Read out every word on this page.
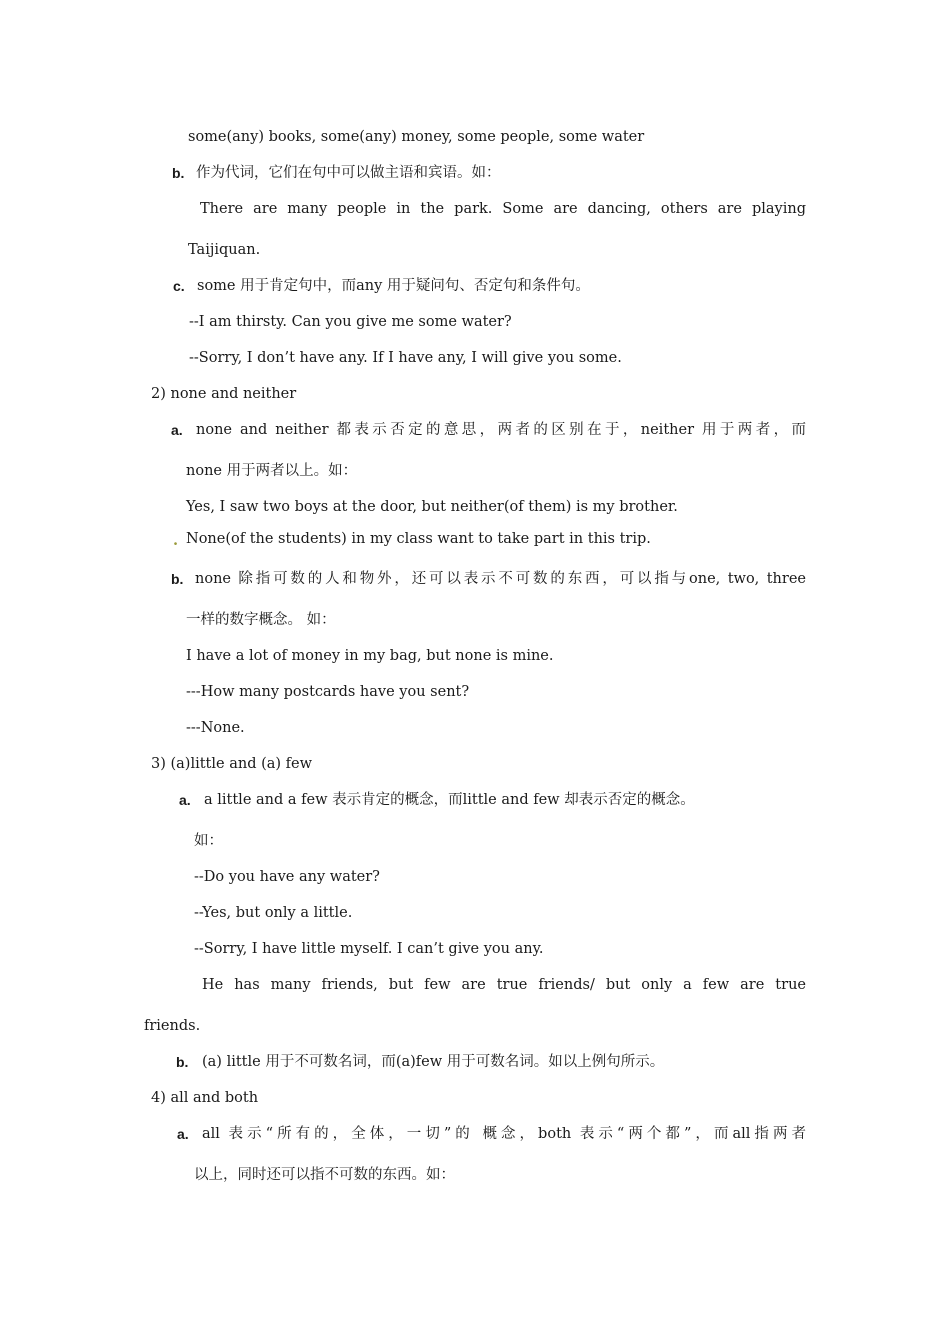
some(any) books, some(any) money, some people, some water
b. 作为代词，它们在句中可以做主语和宾语。如：
There are many people in the park. Some are dancing, others are playing
Taijiquan.
c. some 用于肯定句中，而any 用于疑问句、否定句和条件句。
--I am thirsty. Can you give me some water?
--Sorry, I don’t have any. If I have any, I will give you some.
2) none and neither
a. none and neither 都表示否定的意思，两者的区别在于，neither 用于两者，而
none 用于两者以上。如：
Yes, I saw two boys at the door, but neither(of them) is my brother.
. None(of the students) in my class want to take part in this trip.
b. none 除指可数的人和物外，还可以表示不可数的东西，可以指与one, two, three
一样的数字概念。 如：
I have a lot of money in my bag, but none is mine.
---How many postcards have you sent?
---None.
3) (a)little and (a) few
a. a little and a few 表示肯定的概念，而little and few 却表示否定的概念。
如：
--Do you have any water?
--Yes, but only a little.
--Sorry, I have little myself. I can’t give you any.
He has many friends, but few are true friends/ but only a few are true
friends.
b. (a) little 用于不可数名词，而(a)few 用于可数名词。如以上例句所示。
4) all and both
a. all 表示“所有的，全体，一切”的 概念，both 表示“两个都”，而all指两者
以上，同时还可以指不可数的东西。如：
